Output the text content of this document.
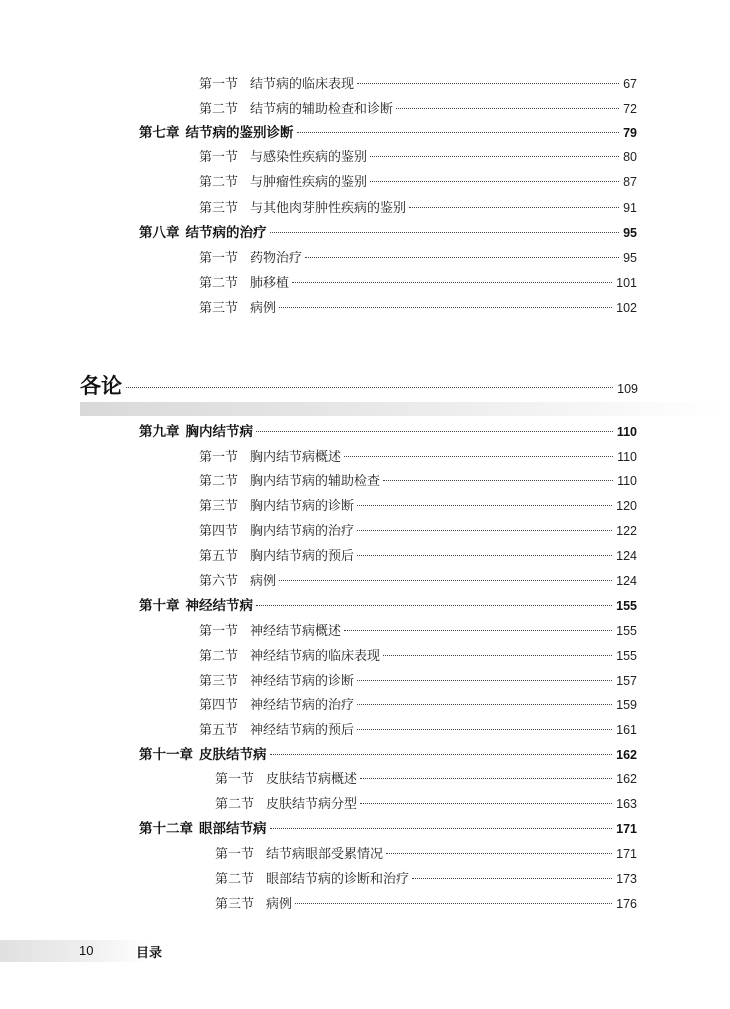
第一节 结节病的临床表现	67
第二节 结节病的辅助检查和诊断	72
第七章 结节病的鉴别诊断	79
第一节 与感染性疾病的鉴别	80
第二节 与肿瘤性疾病的鉴别	87
第三节 与其他肉芽肿性疾病的鉴别	91
第八章 结节病的治疗	95
第一节 药物治疗	95
第二节 肺移植	101
第三节 病例	102
各论	109
第九章 胸内结节病	110
第一节 胸内结节病概述	110
第二节 胸内结节病的辅助检查	110
第三节 胸内结节病的诊断	120
第四节 胸内结节病的治疗	122
第五节 胸内结节病的预后	124
第六节 病例	124
第十章 神经结节病	155
第一节 神经结节病概述	155
第二节 神经结节病的临床表现	155
第三节 神经结节病的诊断	157
第四节 神经结节病的治疗	159
第五节 神经结节病的预后	161
第十一章 皮肤结节病	162
第一节 皮肤结节病概述	162
第二节 皮肤结节病分型	163
第十二章 眼部结节病	171
第一节 结节病眼部受累情况	171
第二节 眼部结节病的诊断和治疗	173
第三节 病例	176
10	目录
